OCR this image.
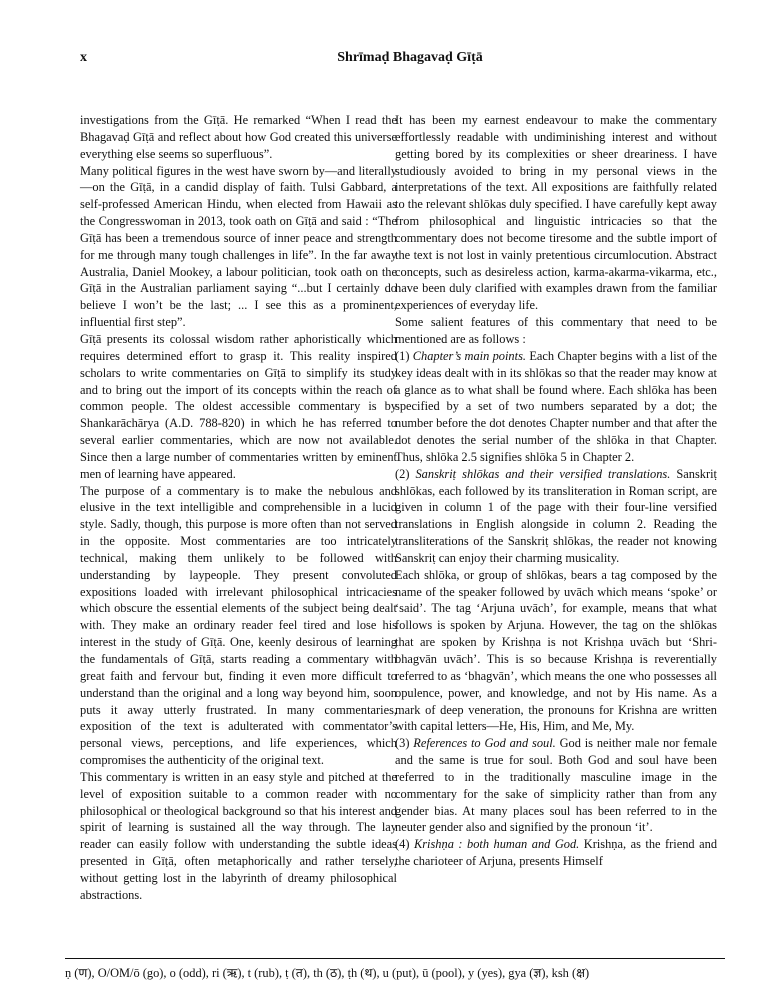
x	Shrīmaḍ Bhagavaḍ Gīṭā

investigations from the Gīṭā. He remarked “When I read the Bhagavaḍ Gīṭā and reflect about how God created this universe everything else seems so superfluous”.

Many political figures in the west have sworn by—and literally—on the Gīṭā, in a candid display of faith. Tulsi Gabbard, a self-professed American Hindu, when elected from Hawaii as the Congresswoman in 2013, took oath on Gīṭā and said : “The Gīṭā has been a tremendous source of inner peace and strength for me through many tough challenges in life”. In the far away Australia, Daniel Mookey, a labour politician, took oath on the Gīṭā in the Australian parliament saying “...but I certainly do believe I won’t be the last; ... I see this as a prominent, influential first step”.

Gīṭā presents its colossal wisdom rather aphoristically which requires determined effort to grasp it. This reality inspired scholars to write commentaries on Gīṭā to simplify its study and to bring out the import of its concepts within the reach of common people. The oldest accessible commentary is by Shankarāchārya (A.D. 788-820) in which he has referred to several earlier commentaries, which are now not available. Since then a large number of commentaries written by eminent men of learning have appeared.

The purpose of a commentary is to make the nebulous and elusive in the text intelligible and comprehensible in a lucid style. Sadly, though, this purpose is more often than not served in the opposite. Most commentaries are too intricately technical, making them unlikely to be followed with understanding by laypeople. They present convoluted expositions loaded with irrelevant philosophical intricacies which obscure the essential elements of the subject being dealt with. They make an ordinary reader feel tired and lose his interest in the study of Gīṭā. One, keenly desirous of learning the fundamentals of Gīṭā, starts reading a commentary with great faith and fervour but, finding it even more difficult to understand than the original and a long way beyond him, soon puts it away utterly frustrated. In many commentaries, exposition of the text is adulterated with commentator’s personal views, perceptions, and life experiences, which compromises the authenticity of the original text.

This commentary is written in an easy style and pitched at the level of exposition suitable to a common reader with no philosophical or theological background so that his interest and spirit of learning is sustained all the way through. The lay reader can easily follow with understanding the subtle ideas presented in Gīṭā, often metaphorically and rather tersely, without getting lost in the labyrinth of dreamy philosophical abstractions.

It has been my earnest endeavour to make the commentary effortlessly readable with undiminishing interest and without getting bored by its complexities or sheer dreariness. I have studiously avoided to bring in my personal views in the interpretations of the text. All expositions are faithfully related to the relevant shlōkas duly specified. I have carefully kept away from philosophical and linguistic intricacies so that the commentary does not become tiresome and the subtle import of the text is not lost in vainly pretentious circumlocution. Abstract concepts, such as desireless action, karma-akarma-vikarma, etc., have been duly clarified with examples drawn from the familiar experiences of everyday life.

Some salient features of this commentary that need to be mentioned are as follows :

(1) Chapter’s main points. Each Chapter begins with a list of the key ideas dealt with in its shlōkas so that the reader may know at a glance as to what shall be found where. Each shlōka has been specified by a set of two numbers separated by a dot; the number before the dot denotes Chapter number and that after the dot denotes the serial number of the shlōka in that Chapter. Thus, shlōka 2.5 signifies shlōka 5 in Chapter 2.

(2) Sanskriṭ shlōkas and their versified translations. Sanskriṭ shlōkas, each followed by its transliteration in Roman script, are given in column 1 of the page with their four-line versified translations in English alongside in column 2. Reading the transliterations of the Sanskriṭ shlōkas, the reader not knowing Sanskriṭ can enjoy their charming musicality.

Each shlōka, or group of shlōkas, bears a tag composed by the name of the speaker followed by uvāch which means ‘spoke’ or ‘said’. The tag ‘Arjuna uvāch’, for example, means that what follows is spoken by Arjuna. However, the tag on the shlōkas that are spoken by Krishṇa is not Krishṇa uvāch but ‘Shri-bhagvān uvāch’. This is so because Krishṇa is reverentially referred to as ‘bhagvān’, which means the one who possesses all opulence, power, and knowledge, and not by His name. As a mark of deep veneration, the pronouns for Krishna are written with capital letters—He, His, Him, and Me, My.

(3) References to God and soul. God is neither male nor female and the same is true for soul. Both God and soul have been referred to in the traditionally masculine image in the commentary for the sake of simplicity rather than from any gender bias. At many places soul has been referred to in the neuter gender also and signified by the pronoun ‘it’.

(4) Krishṇa : both human and God. Krishṇa, as the friend and the charioteer of Arjuna, presents Himself

ṇ (ण), O/OM/ō (go), o (odd), ri (ऋ), t (rub), ṭ (त), th (ठ), ṭh (थ), u (put), ū (pool), y (yes), gya (ज्ञ), ksh (क्ष)
